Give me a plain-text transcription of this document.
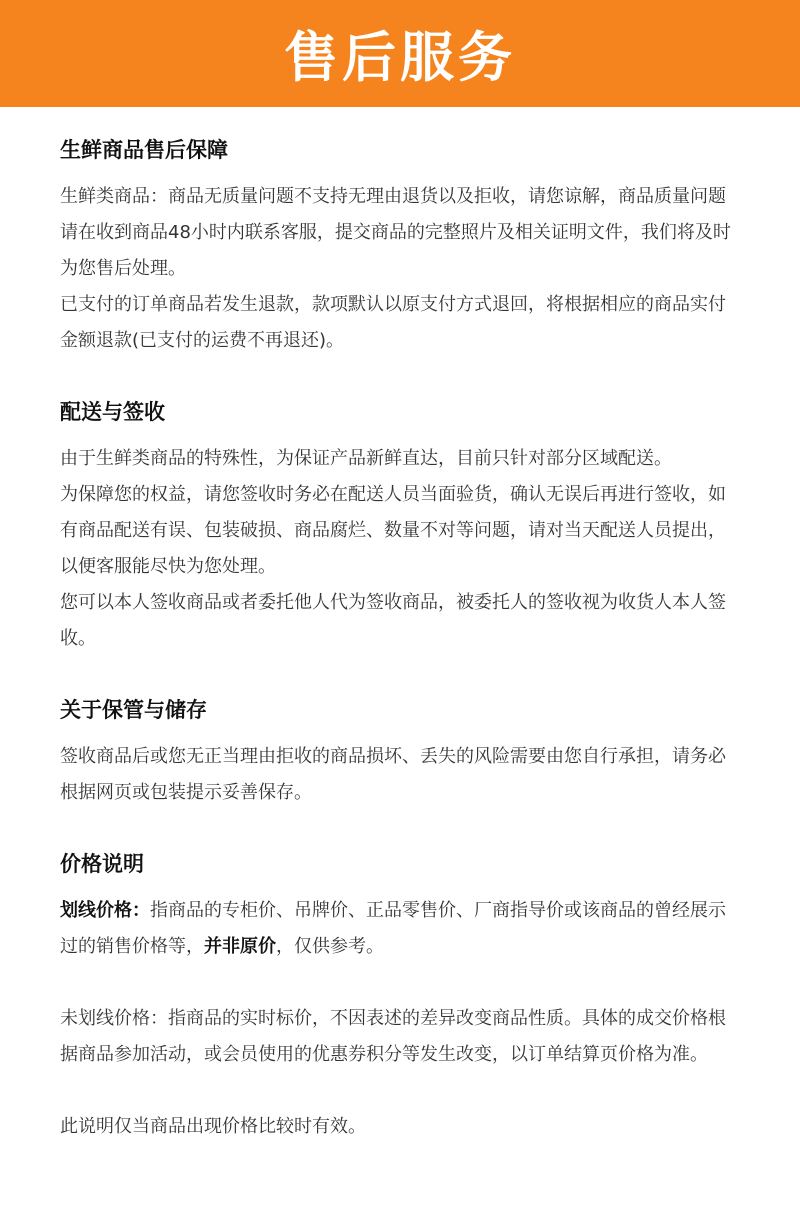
售后服务
生鲜商品售后保障

生鲜类商品：商品无质量问题不支持无理由退货以及拒收，请您谅解，商品质量问题请在收到商品48小时内联系客服，提交商品的完整照片及相关证明文件，我们将及时为您售后处理。

已支付的订单商品若发生退款，款项默认以原支付方式退回，将根据相应的商品实付金额退款(已支付的运费不再退还)。

配送与签收

由于生鲜类商品的特殊性，为保证产品新鲜直达，目前只针对部分区域配送。

为保障您的权益，请您签收时务必在配送人员当面验货，确认无误后再进行签收，如有商品配送有误、包装破损、商品腐烂、数量不对等问题，请对当天配送人员提出，以便客服能尽快为您处理。

您可以本人签收商品或者委托他人代为签收商品，被委托人的签收视为收货人本人签收。

关于保管与储存

签收商品后或您无正当理由拒收的商品损坏、丢失的风险需要由您自行承担，请务必根据网页或包装提示妥善保存。

价格说明

划线价格：指商品的专柜价、吊牌价、正品零售价、厂商指导价或该商品的曾经展示过的销售价格等，并非原价，仅供参考。

未划线价格：指商品的实时标价，不因表述的差异改变商品性质。具体的成交价格根据商品参加活动，或会员使用的优惠券积分等发生改变，以订单结算页价格为准。

此说明仅当商品出现价格比较时有效。
